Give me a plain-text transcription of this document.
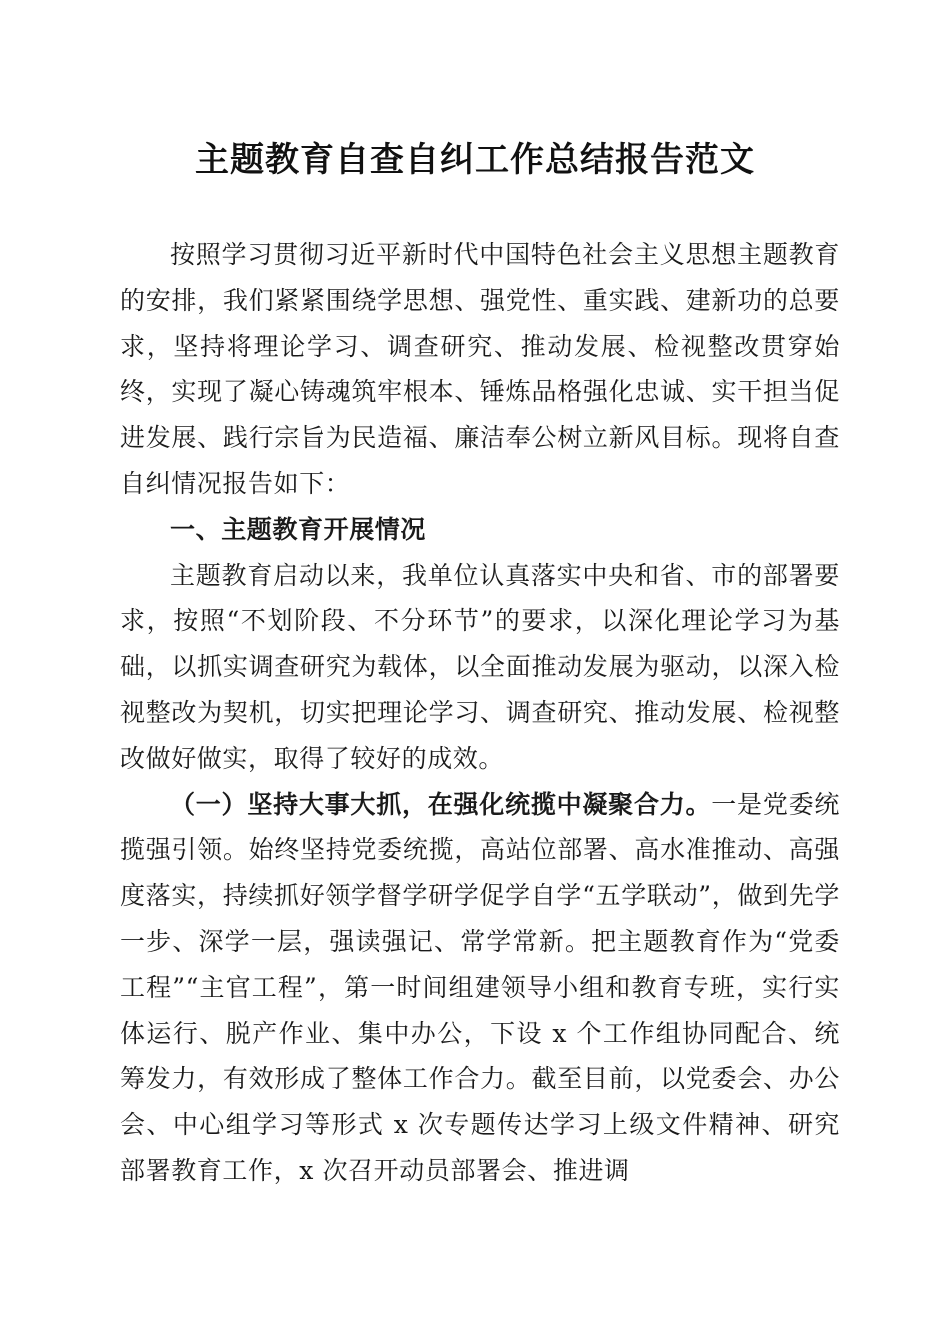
主题教育自查自纠工作总结报告范文

按照学习贯彻习近平新时代中国特色社会主义思想主题教育的安排，我们紧紧围绕学思想、强党性、重实践、建新功的总要求，坚持将理论学习、调查研究、推动发展、检视整改贯穿始终，实现了凝心铸魂筑牢根本、锤炼品格强化忠诚、实干担当促进发展、践行宗旨为民造福、廉洁奉公树立新风目标。现将自查自纠情况报告如下：

一、主题教育开展情况

主题教育启动以来，我单位认真落实中央和省、市的部署要求，按照“不划阶段、不分环节”的要求，以深化理论学习为基础，以抓实调查研究为载体，以全面推动发展为驱动，以深入检视整改为契机，切实把理论学习、调查研究、推动发展、检视整改做好做实，取得了较好的成效。

（一）坚持大事大抓，在强化统揽中凝聚合力。一是党委统揽强引领。始终坚持党委统揽，高站位部署、高水准推动、高强度落实，持续抓好领学督学研学促学自学“五学联动”，做到先学一步、深学一层，强读强记、常学常新。把主题教育作为“党委工程”“主官工程”，第一时间组建领导小组和教育专班，实行实体运行、脱产作业、集中办公，下设 x 个工作组协同配合、统筹发力，有效形成了整体工作合力。截至目前，以党委会、办公会、中心组学习等形式 x 次专题传达学习上级文件精神、研究部署教育工作，x 次召开动员部署会、推进调
